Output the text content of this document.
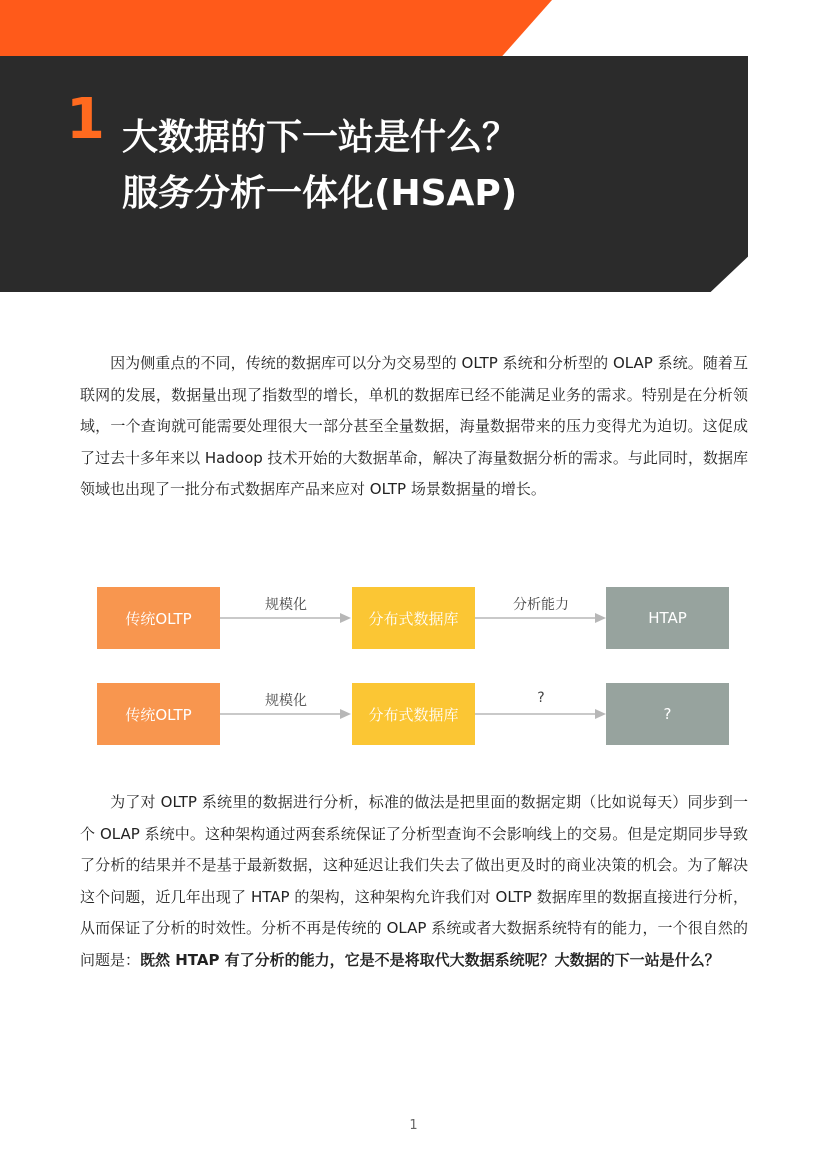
1 大数据的下一站是什么？
服务分析一体化(HSAP)
因为侧重点的不同，传统的数据库可以分为交易型的 OLTP 系统和分析型的 OLAP 系统。随着互联网的发展，数据量出现了指数型的增长，单机的数据库已经不能满足业务的需求。特别是在分析领域，一个查询就可能需要处理很大一部分甚至全量数据，海量数据带来的压力变得尤为迫切。这促成了过去十多年来以 Hadoop 技术开始的大数据革命，解决了海量数据分析的需求。与此同时，数据库领域也出现了一批分布式数据库产品来应对 OLTP 场景数据量的增长。
传统OLTP
规模化
分布式数据库
分析能力
HTAP
传统OLTP
规模化
分布式数据库
?
?
为了对 OLTP 系统里的数据进行分析，标准的做法是把里面的数据定期（比如说每天）同步到一个 OLAP 系统中。这种架构通过两套系统保证了分析型查询不会影响线上的交易。但是定期同步导致了分析的结果并不是基于最新数据，这种延迟让我们失去了做出更及时的商业决策的机会。为了解决这个问题，近几年出现了 HTAP 的架构，这种架构允许我们对 OLTP 数据库里的数据直接进行分析，从而保证了分析的时效性。分析不再是传统的 OLAP 系统或者大数据系统特有的能力，一个很自然的问题是：既然 HTAP 有了分析的能力，它是不是将取代大数据系统呢？大数据的下一站是什么？
1
